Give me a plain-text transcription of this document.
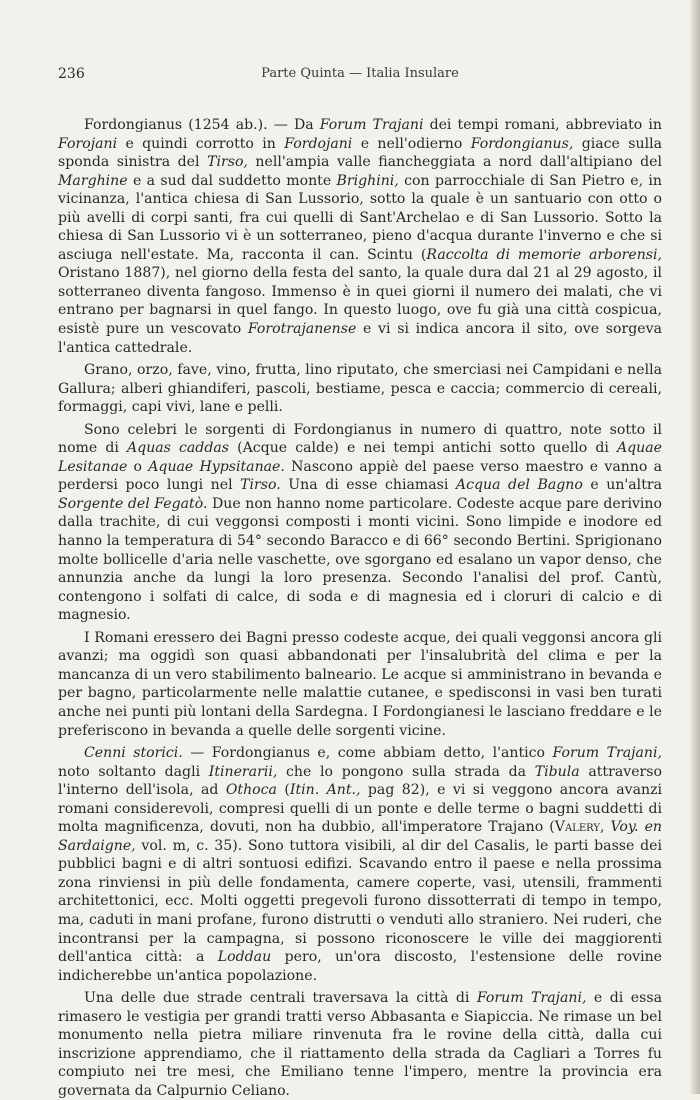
Parte Quinta — Italia Insulare
236

Fordongianus (1254 ab.). — Da Forum Trajani dei tempi romani, abbreviato in Forojani e quindi corrotto in Fordojani e nell'odierno Fordongianus, giace sulla sponda sinistra del Tirso, nell'ampia valle fiancheggiata a nord dall'altipiano del Marghine e a sud dal suddetto monte Brighini, con parrocchiale di San Pietro e, in vicinanza, l'antica chiesa di San Lussorio, sotto la quale è un santuario con otto o più avelli di corpi santi, fra cui quelli di Sant'Archelao e di San Lussorio. Sotto la chiesa di San Lussorio vi è un sotterraneo, pieno d'acqua durante l'inverno e che si asciuga nell'estate. Ma, racconta il can. Scintu (Raccolta di memorie arborensi, Oristano 1887), nel giorno della festa del santo, la quale dura dal 21 al 29 agosto, il sotterraneo diventa fangoso. Immenso è in quei giorni il numero dei malati, che vi entrano per bagnarsi in quel fango. In questo luogo, ove fu già una città cospicua, esistè pure un vescovato Forotrajanense e vi si indica ancora il sito, ove sorgeva l'antica cattedrale.

Grano, orzo, fave, vino, frutta, lino riputato, che smerciasi nei Campidani e nella Gallura; alberi ghiandiferi, pascoli, bestiame, pesca e caccia; commercio di cereali, formaggi, capi vivi, lane e pelli.

Sono celebri le sorgenti di Fordongianus in numero di quattro, note sotto il nome di Aquas caddas (Acque calde) e nei tempi antichi sotto quello di Aquae Lesitanae o Aquae Hypsitanae. Nascono appiè del paese verso maestro e vanno a perdersi poco lungi nel Tirso. Una di esse chiamasi Acqua del Bagno e un'altra Sorgente del Fegatò. Due non hanno nome particolare. Codeste acque pare derivino dalla trachite, di cui veggonsi composti i monti vicini. Sono limpide e inodore ed hanno la temperatura di 54° secondo Baracco e di 66° secondo Bertini. Sprigionano molte bollicelle d'aria nelle vaschette, ove sgorgano ed esalano un vapor denso, che annunzia anche da lungi la loro presenza. Secondo l'analisi del prof. Cantù, contengono i solfati di calce, di soda e di magnesia ed i cloruri di calcio e di magnesio.

I Romani eressero dei Bagni presso codeste acque, dei quali veggonsi ancora gli avanzi; ma oggidì son quasi abbandonati per l'insalubrità del clima e per la mancanza di un vero stabilimento balneario. Le acque si amministrano in bevanda e per bagno, particolarmente nelle malattie cutanee, e spedisconsi in vasi ben turati anche nei punti più lontani della Sardegna. I Fordongianesi le lasciano freddare e le preferiscono in bevanda a quelle delle sorgenti vicine.

Cenni storici. — Fordongianus e, come abbiam detto, l'antico Forum Trajani, noto soltanto dagli Itinerarii, che lo pongono sulla strada da Tibula attraverso l'interno dell'isola, ad Othoca (Itin. Ant., pag 82), e vi si veggono ancora avanzi romani considerevoli, compresi quelli di un ponte e delle terme o bagni suddetti di molta magnificenza, dovuti, non ha dubbio, all'imperatore Trajano (Valery, Voy. en Sardaigne, vol. m, c. 35). Sono tuttora visibili, al dir del Casalis, le parti basse dei pubblici bagni e di altri sontuosi edifizi. Scavando entro il paese e nella prossima zona rinviensi in più delle fondamenta, camere coperte, vasi, utensili, frammenti architettonici, ecc. Molti oggetti pregevoli furono dissotterrati di tempo in tempo, ma, caduti in mani profane, furono distrutti o venduti allo straniero. Nei ruderi, che incontransi per la campagna, si possono riconoscere le ville dei maggiorenti dell'antica città: a Loddau pero, un'ora discosto, l'estensione delle rovine indicherebbe un'antica popolazione.

Una delle due strade centrali traversava la città di Forum Trajani, e di essa rimasero le vestigia per grandi tratti verso Abbasanta e Siapiccia. Ne rimase un bel monumento nella pietra miliare rinvenuta fra le rovine della città, dalla cui inscrizione apprendiamo, che il riattamento della strada da Cagliari a Torres fu compiuto nei tre mesi, che Emiliano tenne l'impero, mentre la provincia era governata da Calpurnio Celiano.
